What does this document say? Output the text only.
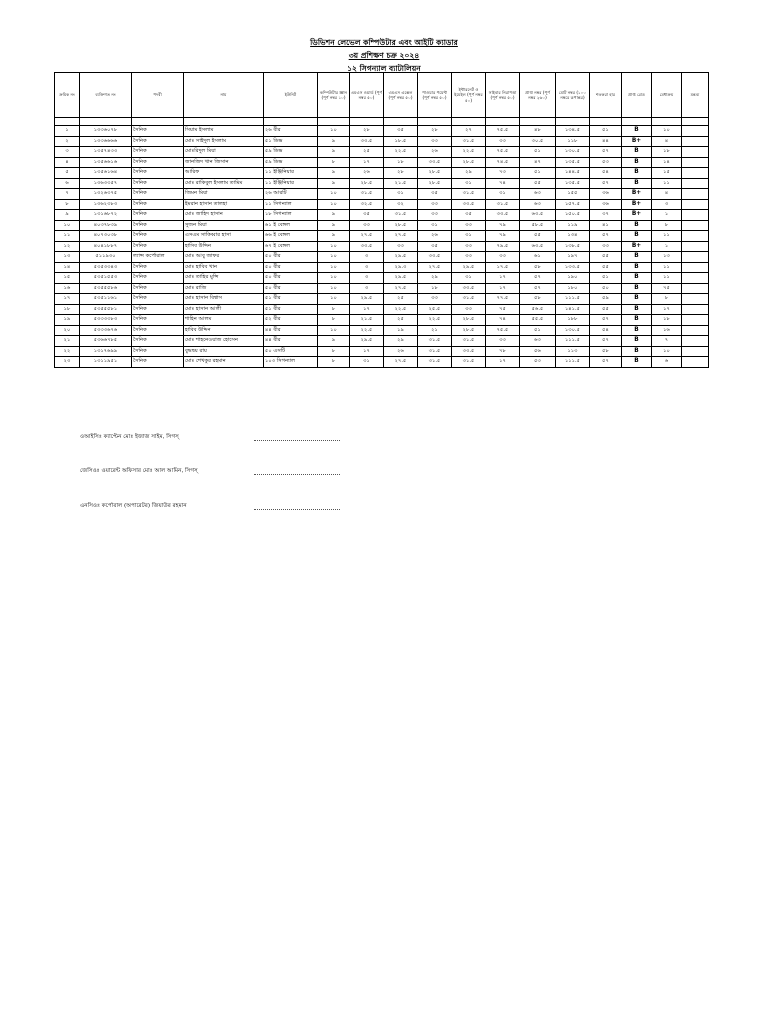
ডিভিশন লেভেল কম্পিউটার এবং আইটি ক্যাডার
৩য় প্রশিক্ষণ চক্র ২০২৪
১২ সিগন্যাল ব্যাটালিয়ন
ক্রমিক নং	ব্যক্তিগত নং	পদবী	নাম	ইউনিট	কম্পিউটার জ্ঞান (পূর্ণ নম্বর ১০)	এমএস ওয়ার্ড (পূর্ণ নম্বর ৫০)	এমএস এক্সেল (পূর্ণ নম্বর ৫০)	পাওয়ার পয়েন্ট (পূর্ণ নম্বর ৫০)	ইন্টারনেট ও ইমেইল (পূর্ণ নম্বর ৫০)	সাইবার নিরাপত্তা (পূর্ণ নম্বর ৫০)	প্রাপ্ত নম্বর (পূর্ণ নম্বর ২৬০)	মোট নম্বর (১০০ নম্বরে রূপান্তর)	শতকরা হার	প্রাপ্ত গ্রেড	মেধাক্রম	মন্তব্য

১	১৩৩৬০৭৮	সৈনিক	সিয়াম ইসলাম	২৬ বীর	১০	২৮	৩৫	২৮	২৭	৭৫.৫	৪৮	১৩৪.৫	৫১	B	১০	
২	১৩৩৬৬৬৬	সৈনিক	মোঃ সাইদুল ইসলাম	৫১ ডিভ	৯	৩৩.৫	১৮.৫	৩৩	৩১.৫	৩৩	৩০.৫	১১৮	৪৪	B+	৪	
৩	১৩৫৭৪৩৩	সৈনিক	মোঃরিদুল মিয়া	৫৯ ডিভ	৯	২৫	২২.৫	২৬	২২.৫	৭৫.৫	৫১	১৩০.৫	৫৭	B	১৮	
৪	১৩৫৬৬১৬	সৈনিক	জানজিদ খান জিসান	৫৯ ডিভ	৮	১৭	১৮	৩৩.৫	২৮.৫	৭৪.৫	৪৭	১৩৫.৫	৫৩	B	১৪	
৫	১৩৫৬১৬৪	সৈনিক	আরিফ	১১ ইঞ্জিনিয়ার	৯	২৬	২৮	২৮.৫	২৯	৭৩	৫১	১৪৪.৫	৫৪	B	১৫	
৬	১৩৬৩৩৫৭	সৈনিক	মোঃ রাকিবুল ইসলাম তামিম	১১ ইঞ্জিনিয়ার	৯	২৮.৫	২১.৫	২৮.৫	৩১	৭৪	৫৫	১৩৫.৫	৫৭	B	১১	
৭	১৩২৬৩৭৫	সৈনিক	জিমন মিয়া	২৬ আরটি	১০	৩১.৫	৩১	৩৫	৩১.৫	৩১	৬৩	১৫৫	৩৬	B+	৪	
৮	১৩৬২৩৮৩	সৈনিক	ইমরান হাসান তালহা	১১ সিগন্যাল	১০	৩২.৫	৩২	৩৩	৩৩.৫	৩১.৫	৬৩	১৫৭.৫	৩৬	B+	৩	
৯	১৩১৬৮৭২	সৈনিক	মোঃ জাহিদ হাসান	১৮ সিগন্যাল	৯	৩৫	৩১.৫	৩৩	৩৫	৩৩.৫	৬৩.৫	১৫০.৫	৩৭	B+	১	
১০	৪০৩৭৮৩৯	সৈনিক	সুজন মিয়া	৬১ ই বেঙ্গল	৯	৩৩	২৮.৫	৩১	৩৩	৭৯	৫৮.৫	১১৯	৪১	B	৮	
১১	৪০৭৩০৩৮	সৈনিক	এসএম সাকিব্বার হাসা	৬৬ ই বেঙ্গল	৯	২৭.৫	২৭.৫	২৬	৩১	৭৯	৫৫	১৩৪	৫৭	B	১১	
১২	৪০৪১৮৮৭	সৈনিক	হাসিব উদ্দিন	৬৭ ই বেঙ্গল	১০	৩৩.৫	৩৩	৩৫	৩৩	৭৯.৫	৬৩.৫	১৩৮.৫	৩৩	B+	১	
১৩	৫১১৯৩০	ল্যান্স কর্পোরাল	মোঃ আবু জাফর	৫০ বীর	১০	৩	২৯.৫	৩৩.৫	৩৩	৩৩	৬১	১৯৭	৫৫	B	১৩	
১৪	৫৩৫৩৩৪৩	সৈনিক	মোঃ হাবিব খান	৫০ বীর	১০	৩	২৯.৩	২৭.৫	২৯.৫	১৭.৫	৫৮	১৩৩.৫	৫৫	B	১১	
১৫	৫৩৫১৫৫৩	সৈনিক	মোঃ তাহির মুন্সি	৫০ বীর	১০	৩	২৯.৫	২৯	৩১	১৭	৫৭	১৯০	৫১	B	১১	
১৬	৫৩৫৫৫৮৬	সৈনিক	মোঃ রাজি	৫০ বীর	১০	৩	২৭.৫	১৮	৩৩.৫	১৭	৫৭	১৮০	৫০	B	৭৫	
১৭	৫৩৫১১৬১	সৈনিক	মোঃ হাসান বিশ্বাস	৫১ বীর	১০	২৯.৫	২৫	৩৩	৩১.৫	৭৭.৫	৫৮	১১১.৫	৫৯	B	৮	
১৮	৫৩৫৫৫৮১	সৈনিক	মোঃ হাসান আলী	৫১ বীর	৮	১৭	২২.৫	২৫.৫	৩৩	৭৫	৫৬.৫	১৪১.৫	৫৫	B	১৭	
১৯	৫৩৩৩৩৮৩	সৈনিক	শাহিন আলম	৫২ বীর	৮	২১.৫	২৫	২২.৫	২৮.৫	৭৪	৫৫.৫	১৮৮	৫৭	B	১৮	
২০	৫৩৩৩৬৭৬	সৈনিক	হাবিব উদ্দিন	৪৪ বীর	১০	২২.৫	১৯	২১	২৮.৫	৭৫.৫	৫১	১৩০.৫	৫৪	B	১৬	
২১	৫৩৬৬৭৮৫	সৈনিক	মোঃ শাহনেওয়াজ হোসেন	৪৪ বীর	৯	২৯.৫	২৯	৩১.৫	৩১.৫	৩৩	৬৩	১১১.৫	৫৭	B	৭	
২২	১৩১৭৬৯৯	সৈনিক	বুদ্ধদ্বয় রায়	৫০ এসটি	৮	১৭	২৬	৩১.৫	৩৩.৫	৭৮	৫৬	১১৩	৫৮	B	১০	
২৩	১৩১১৯৫১	সৈনিক	মোঃ শেখকুর রহমান	১০৩ সিগন্যাল	৮	৩১	২৭.৫	৩১.৫	৩১.৫	১৭	৫৩	১১১.৫	৫৭	B	৬	
ওআইসিঃ ক্যাপ্টেন মোঃ ইজাজ সাইম, সিগস্‌
জেসিওঃ ওয়ারেন্ট অফিসার মোঃ আল আমিন, সিগস্‌
এনসিওঃ কর্পোরাল (অপারেটর) জিয়াউর রহমান
